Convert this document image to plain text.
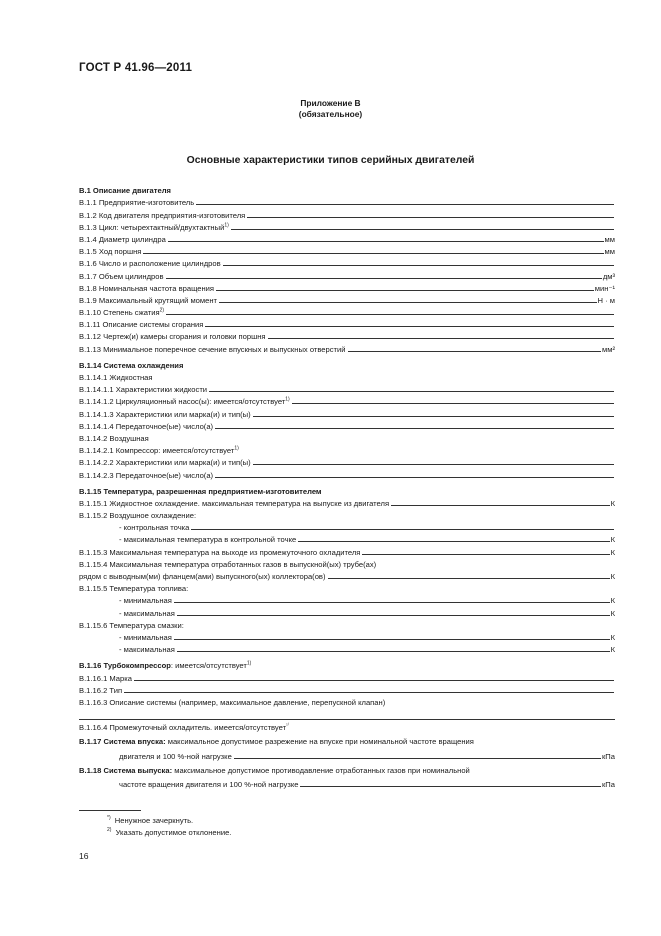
ГОСТ Р 41.96—2011
Приложение В
(обязательное)
Основные характеристики типов серийных двигателей
В.1 Описание двигателя
В.1.1 Предприятие-изготовитель
В.1.2 Код двигателя предприятия-изготовителя
В.1.3 Цикл: четырехтактный/двухтактный$^{1)}$
В.1.4 Диаметр цилиндра	мм
В.1.5 Ход поршня	мм
В.1.6 Число и расположение цилиндров
В.1.7 Объем цилиндров	дм³
В.1.8 Номинальная частота вращения	мин⁻¹
В.1.9 Максимальный крутящий момент	Н · м
В.1.10 Степень сжатия$^{2)}$
В.1.11 Описание системы сгорания
В.1.12 Чертеж(и) камеры сгорания и головки поршня
В.1.13 Минимальное поперечное сечение впускных и выпускных отверстий	мм²
В.1.14 Система охлаждения
В.1.14.1 Жидкостная
В.1.14.1.1 Характеристики жидкости
В.1.14.1.2 Циркуляционный насос(ы): имеется/отсутствует$^{1)}$
В.1.14.1.3 Характеристики или марка(и) и тип(ы)
В.1.14.1.4 Передаточное(ые) число(а)
В.1.14.2 Воздушная
В.1.14.2.1 Компрессор: имеется/отсутствует$^{1)}$
В.1.14.2.2 Характеристики или марка(и) и тип(ы)
В.1.14.2.3 Передаточное(ые) число(а)
В.1.15 Температура, разрешенная предприятием-изготовителем
В.1.15.1 Жидкостное охлаждение. максимальная температура на выпуске из двигателя	К
В.1.15.2 Воздушное охлаждение:
- контрольная точка
- максимальная температура в контрольной точке	К
В.1.15.3 Максимальная температура на выходе из промежуточного охладителя	К
В.1.15.4 Максимальная температура отработанных газов в выпускной(ых) трубе(ах)
рядом с выводным(ми) фланцем(ами) выпускного(ых) коллектора(ов)	К
В.1.15.5 Температура топлива:
- минимальная	К
- максимальная	К
В.1.15.6 Температура смазки:
- минимальная	К
- максимальная	К
В.1.16 Турбокомпрессор: имеется/отсутствует$^{1)}$
В.1.16.1 Марка
В.1.16.2 Тип
В.1.16.3 Описание системы (например, максимальное давление, перепускной клапан)
В.1.16.4 Промежуточный охладитель. имеется/отсутствует$^{^{1)}}$
В.1.17 Система впуска: максимальное допустимое разрежение на впуске при номинальной частоте вращения
двигателя и 100 %-ной нагрузке	кПа
В.1.18 Система выпуска: максимальное допустимое противодавление отработанных газов при номинальной
частоте вращения двигателя и 100 %-ной нагрузке	кПа
*) Ненужное зачеркнуть.
$^{2)}$ Указать допустимое отклонение.
16
